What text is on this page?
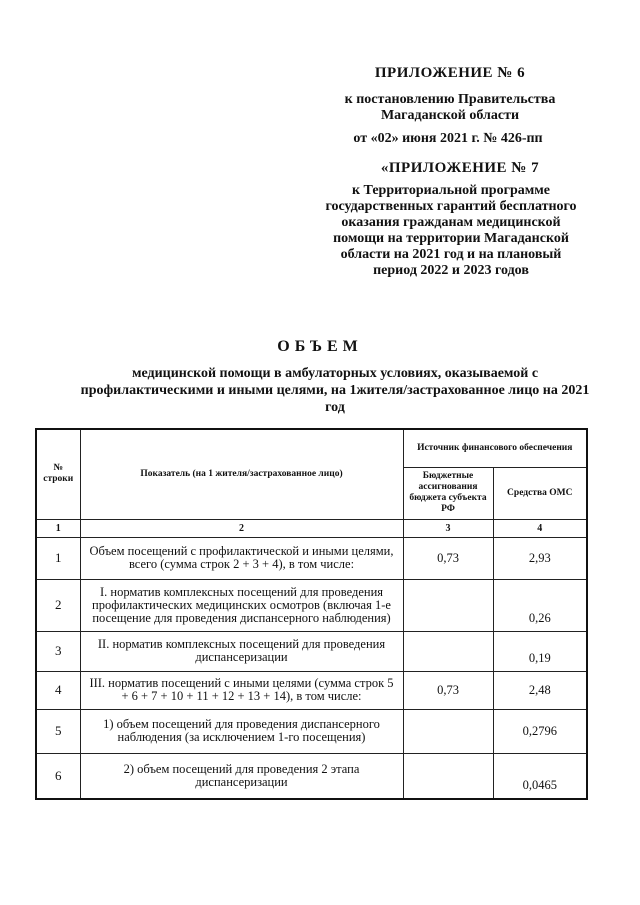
ПРИЛОЖЕНИЕ № 6
к постановлению Правительства Магаданской области
от «02» июня 2021 г. № 426-пп
«ПРИЛОЖЕНИЕ № 7
к Территориальной программе государственных гарантий бесплатного оказания гражданам медицинской помощи на территории Магаданской области на 2021 год и на плановый период 2022 и 2023 годов
ОБЪЕМ
медицинской помощи в амбулаторных условиях, оказываемой с профилактическими и иными целями, на 1жителя/застрахованное лицо на 2021 год
№ строки	Показатель (на 1 жителя/застрахованное лицо)	Источник финансового обеспечения	
		Бюджетные ассигнования бюджета субъекта РФ	Средства ОМС
1	2	3	4
1	Объем посещений с профилактической и иными целями, всего (сумма строк 2 + 3 + 4), в том числе:	0,73	2,93
2	I. норматив комплексных посещений для проведения профилактических медицинских осмотров (включая 1-е посещение для проведения диспансерного наблюдения)		0,26
3	II. норматив комплексных посещений для проведения диспансеризации		0,19
4	III. норматив посещений с иными целями (сумма строк 5 + 6 + 7 + 10 + 11 + 12 + 13 + 14), в том числе:	0,73	2,48
5	1) объем посещений для проведения диспансерного наблюдения (за исключением 1-го посещения)		0,2796
6	2) объем посещений для проведения 2 этапа диспансеризации		0,0465
